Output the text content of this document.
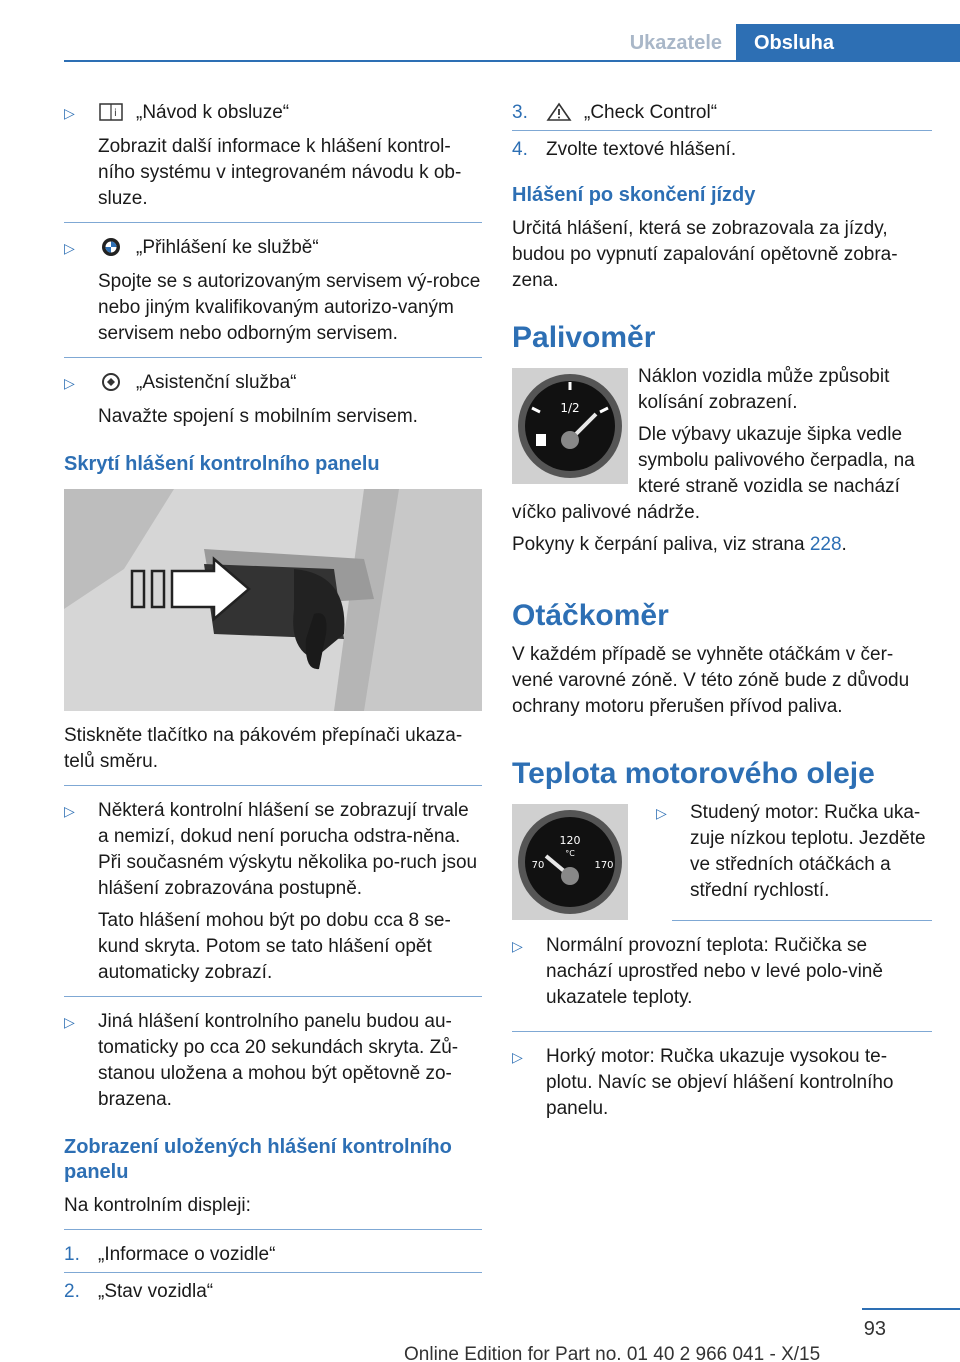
Ukazatele	Obsluha
▷	i „Návod k obsluze“

Zobrazit další informace k hlášení kontrol-ního systému v integrovaném návodu k ob-sluze.

▷	„Přihlášení ke službě“

Spojte se s autorizovaným servisem vý-robce nebo jiným kvalifikovaným autorizo-vaným servisem nebo odborným servisem.

▷	„Asistenční služba“

Navažte spojení s mobilním servisem.

Skrytí hlášení kontrolního panelu

Stiskněte tlačítko na pákovém přepínači ukaza-telů směru.

▷ Některá kontrolní hlášení se zobrazují trvale a nemizí, dokud není porucha odstra-něna. Při současném výskytu několika po-ruch jsou hlášení zobrazována postupně.

Tato hlášení mohou být po dobu cca 8 se-kund skryta. Potom se tato hlášení opět automaticky zobrazí.

▷ Jiná hlášení kontrolního panelu budou au-tomaticky po cca 20 sekundách skryta. Zů-stanou uložena a mohou být opětovně zo-brazena.

Zobrazení uložených hlášení kontrolního panelu

Na kontrolním displeji:

1. „Informace o vozidle“
2. „Stav vozidla“
3.	„Check Control“
4. Zvolte textové hlášení.
Hlášení po skončení jízdy

Určitá hlášení, která se zobrazovala za jízdy, budou po vypnutí zapalování opětovně zobra-zena.

Palivoměr
1/2

Náklon vozidla může způsobit kolísání zobrazení.

Dle výbavy ukazuje šipka vedle symbolu palivového čerpadla, na které straně vozidla se nachází víčko palivové nádrže.

Pokyny k čerpání paliva, viz strana 228.

Otáčkoměr

V každém případě se vyhněte otáčkám v čer-vené varovné zóně. V této zóně bude z důvodu ochrany motoru přerušen přívod paliva.

Teplota motorového oleje
120
°C
70	170
▷ Studený motor: Ručka uka-zuje nízkou teplotu. Jezděte ve středních otáčkách a střední rychlostí.

▷ Normální provozní teplota: Ručička se nachází uprostřed nebo v levé polo-vině ukazatele teploty.

▷ Horký motor: Ručka ukazuje vysokou te-plotu. Navíc se objeví hlášení kontrolního panelu.

93
Online Edition for Part no. 01 40 2 966 041 - X/15
